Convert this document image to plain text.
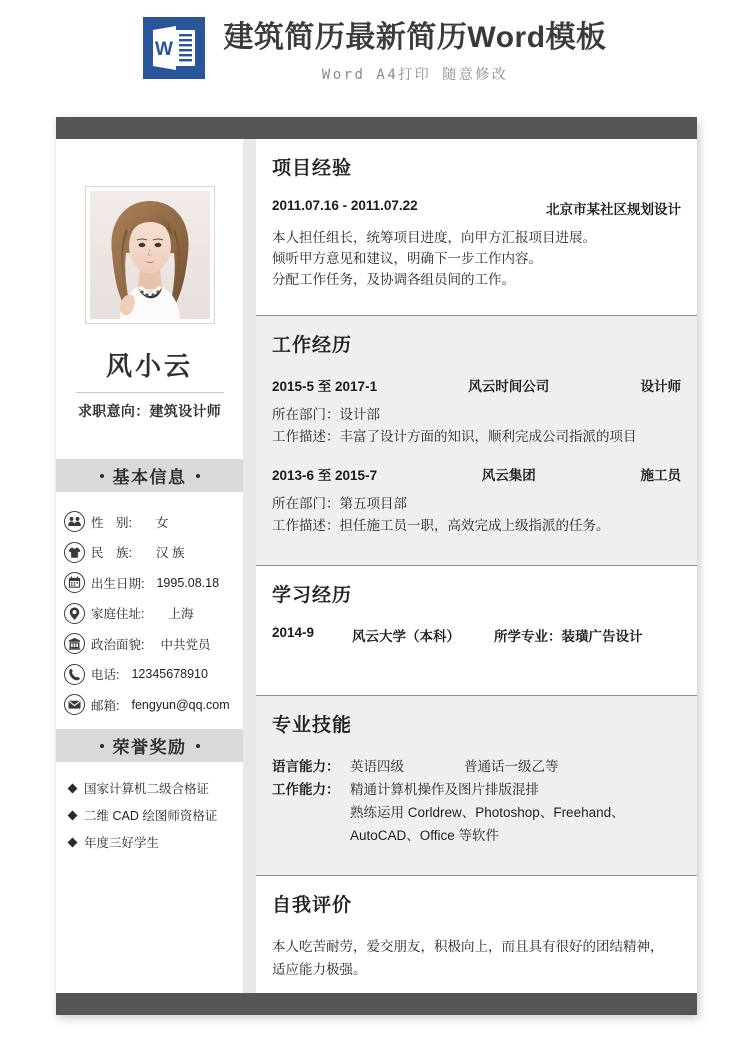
W 建筑简历最新简历Word模板
Word A4打印 随意修改
风小云
求职意向：建筑设计师
基本信息
性　别: 女
民　族: 汉 族
出生日期: 1995.08.18
家庭住址: 上海
政治面貌: 中共党员
电话: 12345678910
邮箱: fengyun@qq.com
荣誉奖励
国家计算机二级合格证
二维 CAD 绘图师资格证
年度三好学生
项目经验
2011.07.16 - 2011.07.22	北京市某社区规划设计
本人担任组长，统筹项目进度，向甲方汇报项目进展。
倾听甲方意见和建议，明确下一步工作内容。
分配工作任务，及协调各组员间的工作。
工作经历
2015-5 至 2017-1	风云时间公司	设计师
所在部门：设计部
工作描述：丰富了设计方面的知识，顺利完成公司指派的项目
2013-6 至 2015-7	风云集团	施工员
所在部门：第五项目部
工作描述：担任施工员一职，高效完成上级指派的任务。
学习经历
2014-9	风云大学（本科）	所学专业：装璜广告设计
专业技能
语言能力： 英语四级	普通话一级乙等
工作能力： 精通计算机操作及图片排版混排
熟练运用 Corldrew、Photoshop、Freehand、
AutoCAD、Office 等软件
自我评价
本人吃苦耐劳，爱交朋友，积极向上，而且具有很好的团结精神，
适应能力极强。
